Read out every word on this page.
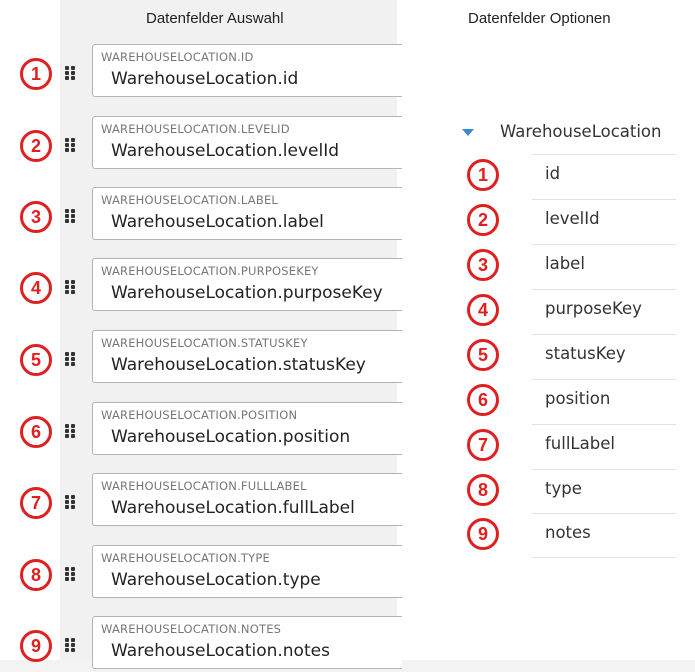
Datenfelder Auswahl	Datenfelder Optionen
1
WAREHOUSELOCATION.ID
WarehouseLocation.id
2
WAREHOUSELOCATION.LEVELID
WarehouseLocation.levelId
3
WAREHOUSELOCATION.LABEL
WarehouseLocation.label
4
WAREHOUSELOCATION.PURPOSEKEY
WarehouseLocation.purposeKey
5
WAREHOUSELOCATION.STATUSKEY
WarehouseLocation.statusKey
6
WAREHOUSELOCATION.POSITION
WarehouseLocation.position
7
WAREHOUSELOCATION.FULLLABEL
WarehouseLocation.fullLabel
8
WAREHOUSELOCATION.TYPE
WarehouseLocation.type
9
WAREHOUSELOCATION.NOTES
WarehouseLocation.notes
WarehouseLocation
1	id
2	levelId
3	label
4	purposeKey
5	statusKey
6	position
7	fullLabel
8	type
9	notes
